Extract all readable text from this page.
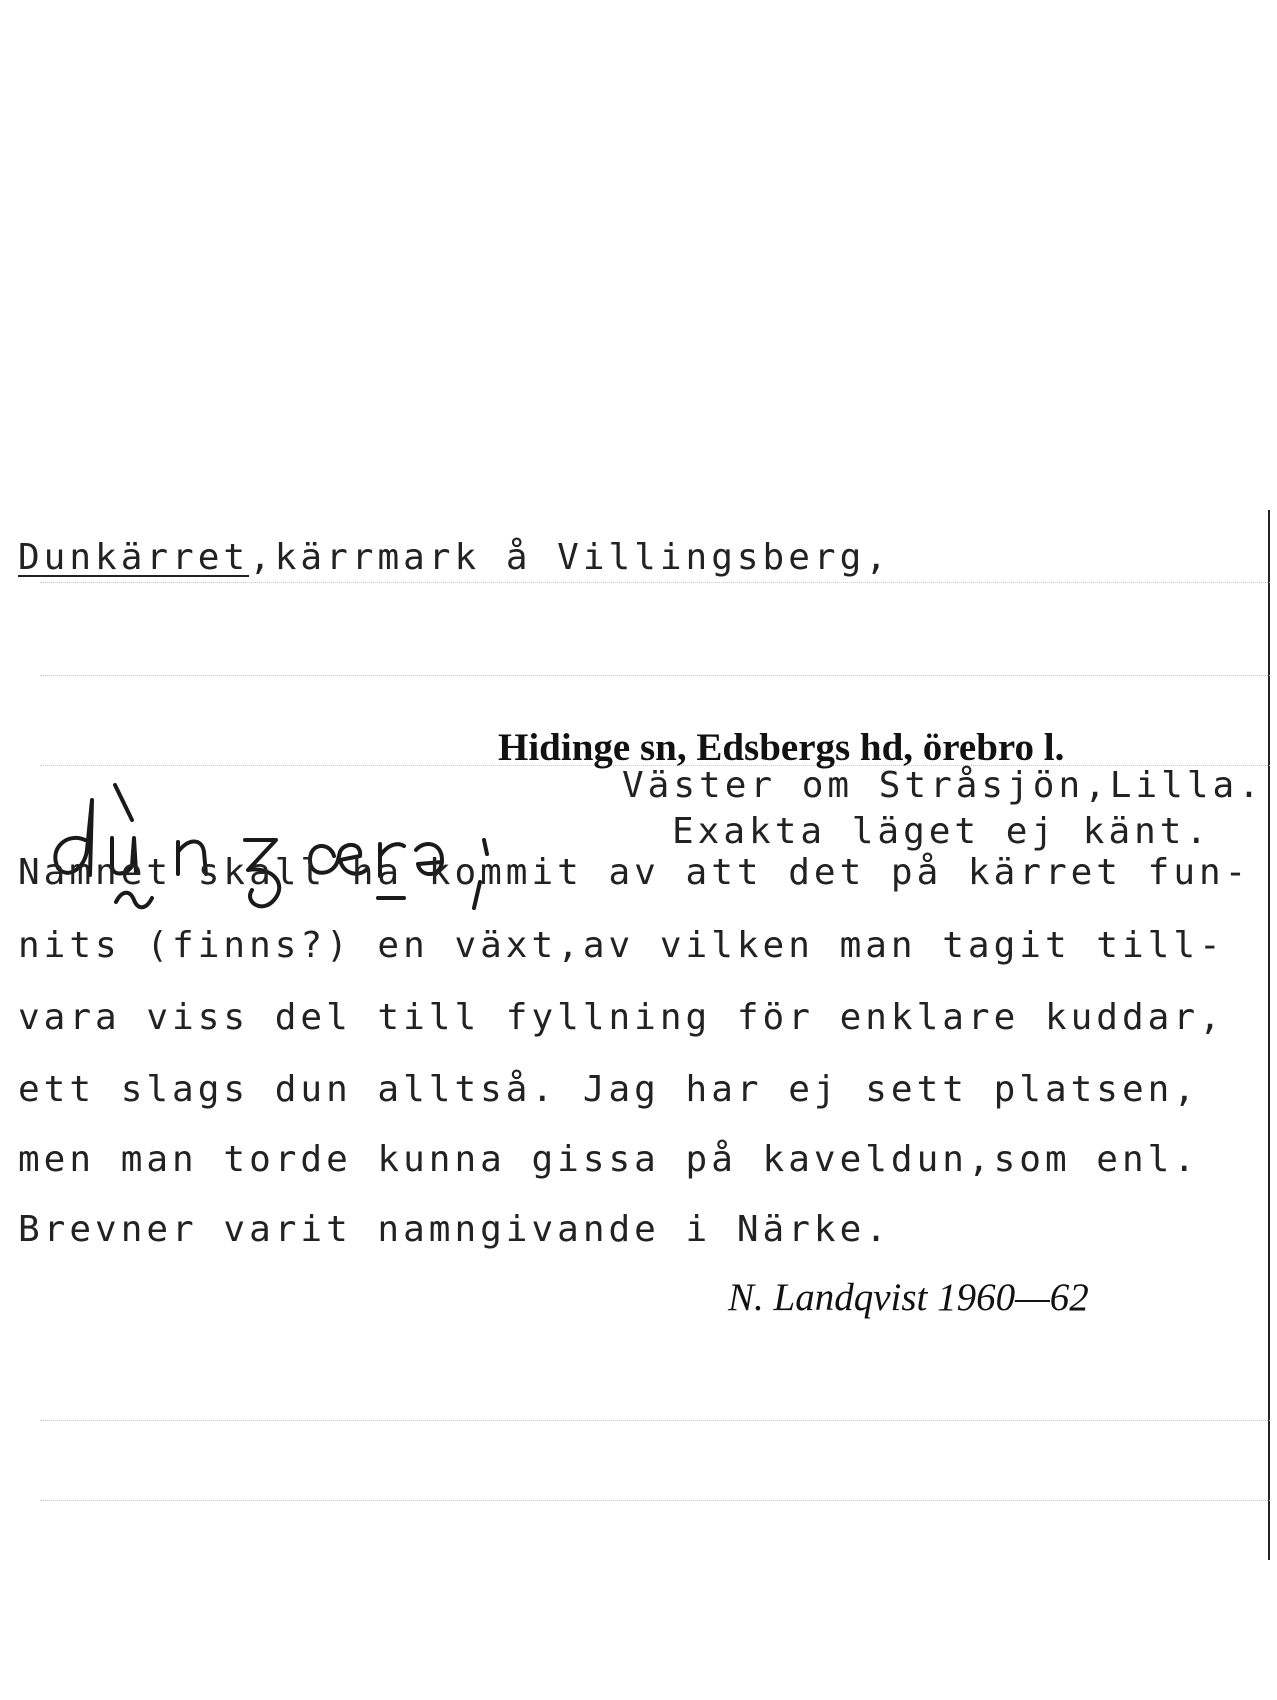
Dunkärret,kärrmark å Villingsberg,
Hidinge sn, Edsbergs hd, örebro l.
Väster om Stråsjön,Lilla.
Exakta läget ej känt.
Namnet skall ha kommit av att det på kärret fun-
nits (finns?) en växt,av vilken man tagit till-
vara viss del till fyllning för enklare kuddar,
ett slags dun alltså. Jag har ej sett platsen,
men man torde kunna gissa på kaveldun,som enl.
Brevner varit namngivande i Närke.
N. Landqvist 1960—62
